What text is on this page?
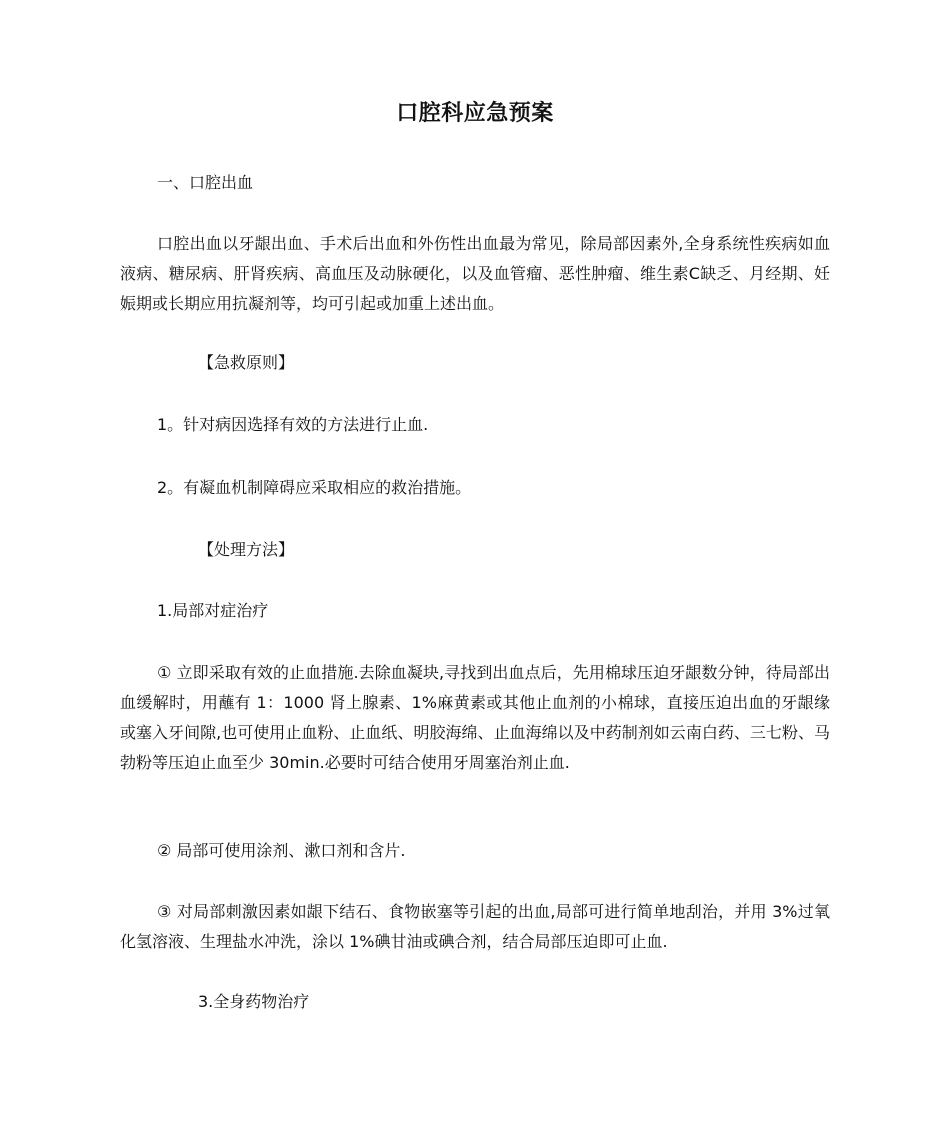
口腔科应急预案

一、口腔出血

口腔出血以牙龈出血、手术后出血和外伤性出血最为常见，除局部因素外,全身系统性疾病如血液病、糖尿病、肝肾疾病、高血压及动脉硬化，以及血管瘤、恶性肿瘤、维生素C缺乏、月经期、妊娠期或长期应用抗凝剂等，均可引起或加重上述出血。

【急救原则】

1。针对病因选择有效的方法进行止血.

2。有凝血机制障碍应采取相应的救治措施。

【处理方法】

1.局部对症治疗

① 立即采取有效的止血措施.去除血凝块,寻找到出血点后，先用棉球压迫牙龈数分钟，待局部出血缓解时，用蘸有 1：1000 肾上腺素、1%麻黄素或其他止血剂的小棉球，直接压迫出血的牙龈缘或塞入牙间隙,也可使用止血粉、止血纸、明胶海绵、止血海绵以及中药制剂如云南白药、三七粉、马勃粉等压迫止血至少 30min.必要时可结合使用牙周塞治剂止血.

② 局部可使用涂剂、漱口剂和含片.

③ 对局部刺激因素如龈下结石、食物嵌塞等引起的出血,局部可进行简单地刮治，并用 3%过氧化氢溶液、生理盐水冲洗，涂以 1%碘甘油或碘合剂，结合局部压迫即可止血.

3.全身药物治疗
